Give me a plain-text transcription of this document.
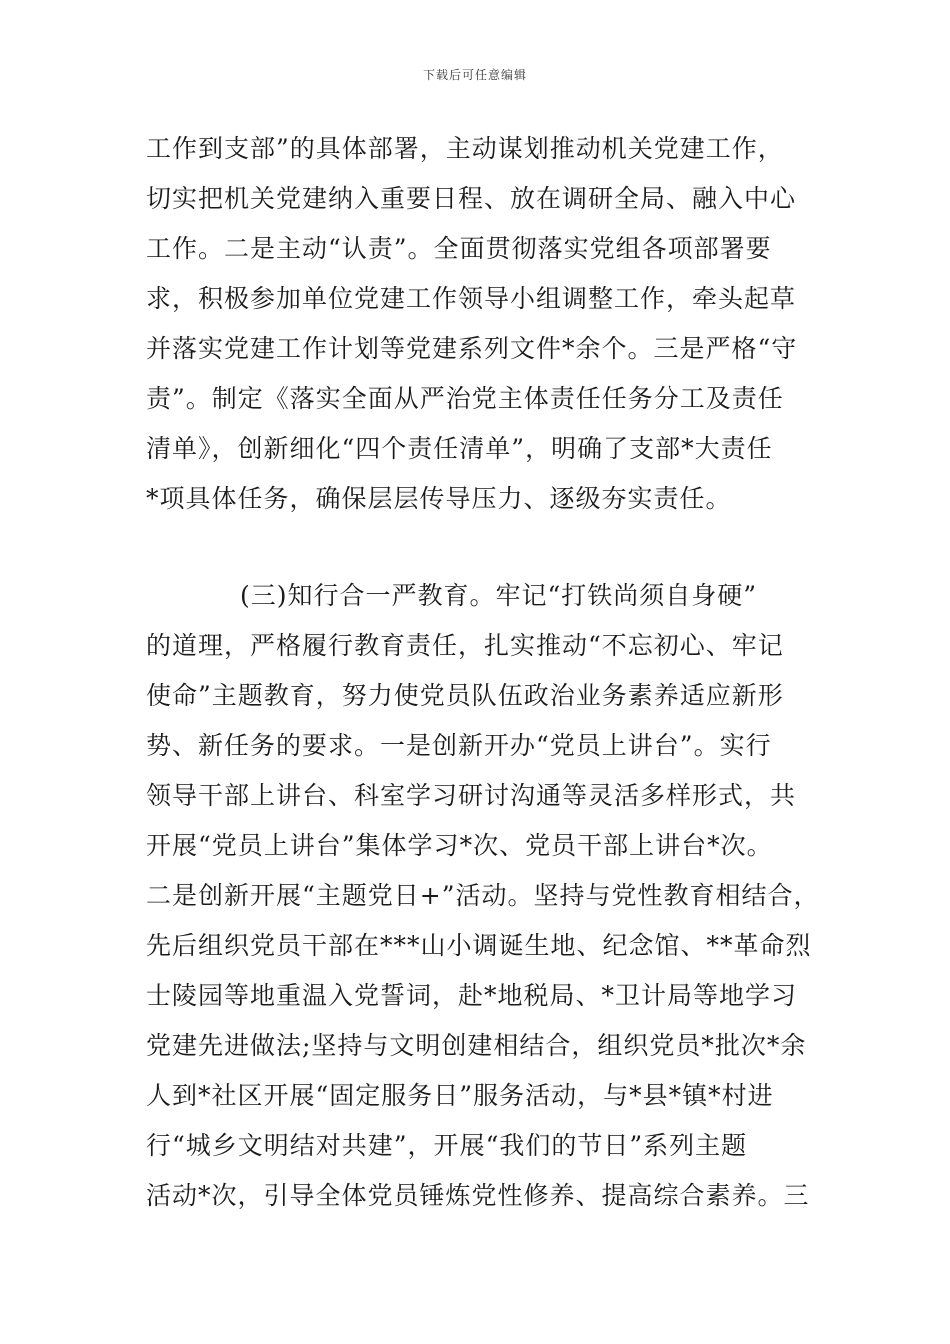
下载后可任意编辑
工作到支部”的具体部署，主动谋划推动机关党建工作，
切实把机关党建纳入重要日程、放在调研全局、融入中心
工作。二是主动“认责”。全面贯彻落实党组各项部署要
求，积极参加单位党建工作领导小组调整工作，牵头起草
并落实党建工作计划等党建系列文件*余个。三是严格“守
责”。制定《落实全面从严治党主体责任任务分工及责任
清单》，创新细化“四个责任清单”，明确了支部*大责任
*项具体任务，确保层层传导压力、逐级夯实责任。
(三)知行合一严教育。牢记“打铁尚须自身硬”
的道理，严格履行教育责任，扎实推动“不忘初心、牢记
使命”主题教育，努力使党员队伍政治业务素养适应新形
势、新任务的要求。一是创新开办“党员上讲台”。实行
领导干部上讲台、科室学习研讨沟通等灵活多样形式，共
开展“党员上讲台”集体学习*次、党员干部上讲台*次。
二是创新开展“主题党日+”活动。坚持与党性教育相结合，
先后组织党员干部在***山小调诞生地、纪念馆、**革命烈
士陵园等地重温入党誓词，赴*地税局、*卫计局等地学习
党建先进做法;坚持与文明创建相结合，组织党员*批次*余
人到*社区开展“固定服务日”服务活动，与*县*镇*村进
行“城乡文明结对共建”，开展“我们的节日”系列主题
活动*次，引导全体党员锤炼党性修养、提高综合素养。三
